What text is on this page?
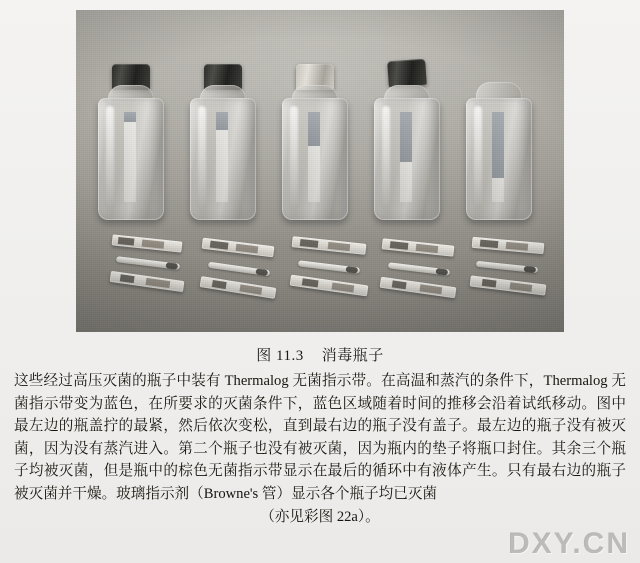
图 11.3 消毒瓶子

这些经过高压灭菌的瓶子中装有 Thermalog 无菌指示带。在高温和蒸汽的条件下，Thermalog 无菌指示带变为蓝色，在所要求的灭菌条件下，蓝色区域随着时间的推移会沿着试纸移动。图中最左边的瓶盖拧的最紧，然后依次变松，直到最右边的瓶子没有盖子。最左边的瓶子没有被灭菌，因为没有蒸汽进入。第二个瓶子也没有被灭菌，因为瓶内的垫子将瓶口封住。其余三个瓶子均被灭菌，但是瓶中的棕色无菌指示带显示在最后的循环中有液体产生。只有最右边的瓶子被灭菌并干燥。玻璃指示剂（Browne's 管）显示各个瓶子均已灭菌

（亦见彩图 22a）。

DXY.CN
